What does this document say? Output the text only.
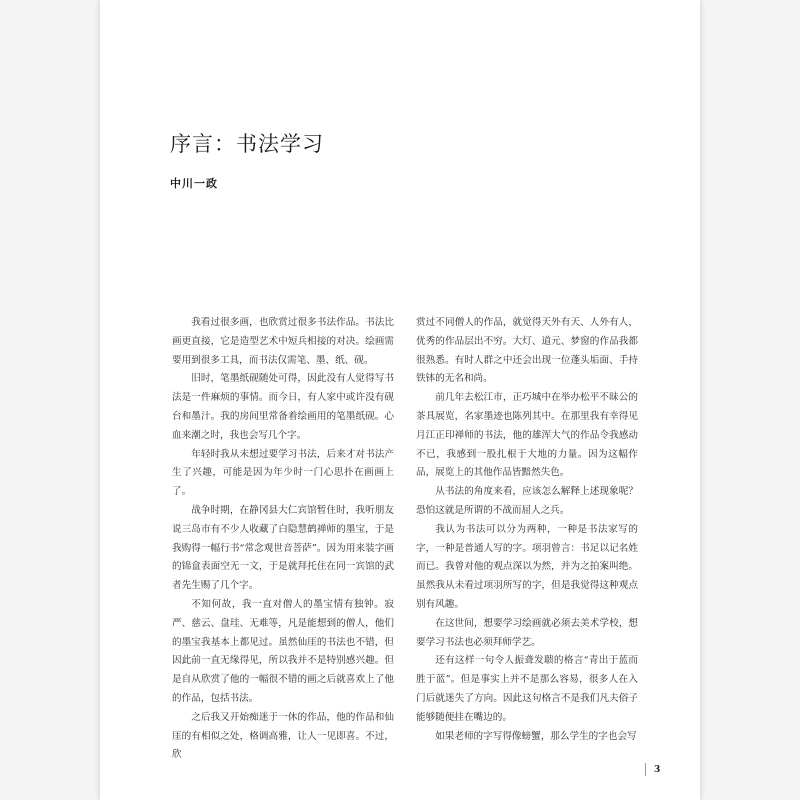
序言：书法学习
中川一政

我看过很多画，也欣赏过很多书法作品。书法比画更直接，它是造型艺术中短兵相接的对决。绘画需要用到很多工具，而书法仅需笔、墨、纸、砚。

旧时，笔墨纸砚随处可得，因此没有人觉得写书法是一件麻烦的事情。而今日，有人家中或许没有砚台和墨汁。我的房间里常备着绘画用的笔墨纸砚。心血来潮之时，我也会写几个字。

年轻时我从未想过要学习书法，后来才对书法产生了兴趣，可能是因为年少时一门心思扑在画画上了。

战争时期，在静冈县大仁宾馆暂住时，我听朋友说三岛市有不少人收藏了白隐慧鹤禅师的墨宝，于是我购得一幅行书“常念观世音菩萨”。因为用来装字画的锦盒表面空无一文，于是就拜托住在同一宾馆的武者先生赐了几个字。

不知何故，我一直对僧人的墨宝情有独钟。寂严、慈云、盘珪、无难等，凡是能想到的僧人，他们的墨宝我基本上都见过。虽然仙厓的书法也不错，但因此前一直无缘得见，所以我并不是特别感兴趣。但是自从欣赏了他的一幅很不错的画之后就喜欢上了他的作品，包括书法。

之后我又开始痴迷于一休的作品，他的作品和仙厓的有相似之处，格调高雅，让人一见即喜。不过，欣

赏过不同僧人的作品，就觉得天外有天、人外有人，优秀的作品层出不穷。大灯、道元、梦窗的作品我都很熟悉。有时人群之中还会出现一位蓬头垢面、手持铁钵的无名和尚。

前几年去松江市，正巧城中在举办松平不昧公的茶具展览，名家墨迹也陈列其中。在那里我有幸得见月江正印禅师的书法，他的雄浑大气的作品令我感动不已，我感到一股扎根于大地的力量。因为这幅作品，展览上的其他作品皆黯然失色。

从书法的角度来看，应该怎么解释上述现象呢？恐怕这就是所谓的不战而屈人之兵。

我认为书法可以分为两种，一种是书法家写的字，一种是普通人写的字。项羽曾言：书足以记名姓而已。我曾对他的观点深以为然，并为之拍案叫绝。虽然我从未看过项羽所写的字，但是我觉得这种观点别有风趣。

在这世间，想要学习绘画就必须去美术学校，想要学习书法也必须拜师学艺。

还有这样一句令人振聋发聩的格言“青出于蓝而胜于蓝”。但是事实上并不是那么容易，很多人在入门后就迷失了方向。因此这句格言不是我们凡夫俗子能够随便挂在嘴边的。

如果老师的字写得像螃蟹，那么学生的字也会写

3
